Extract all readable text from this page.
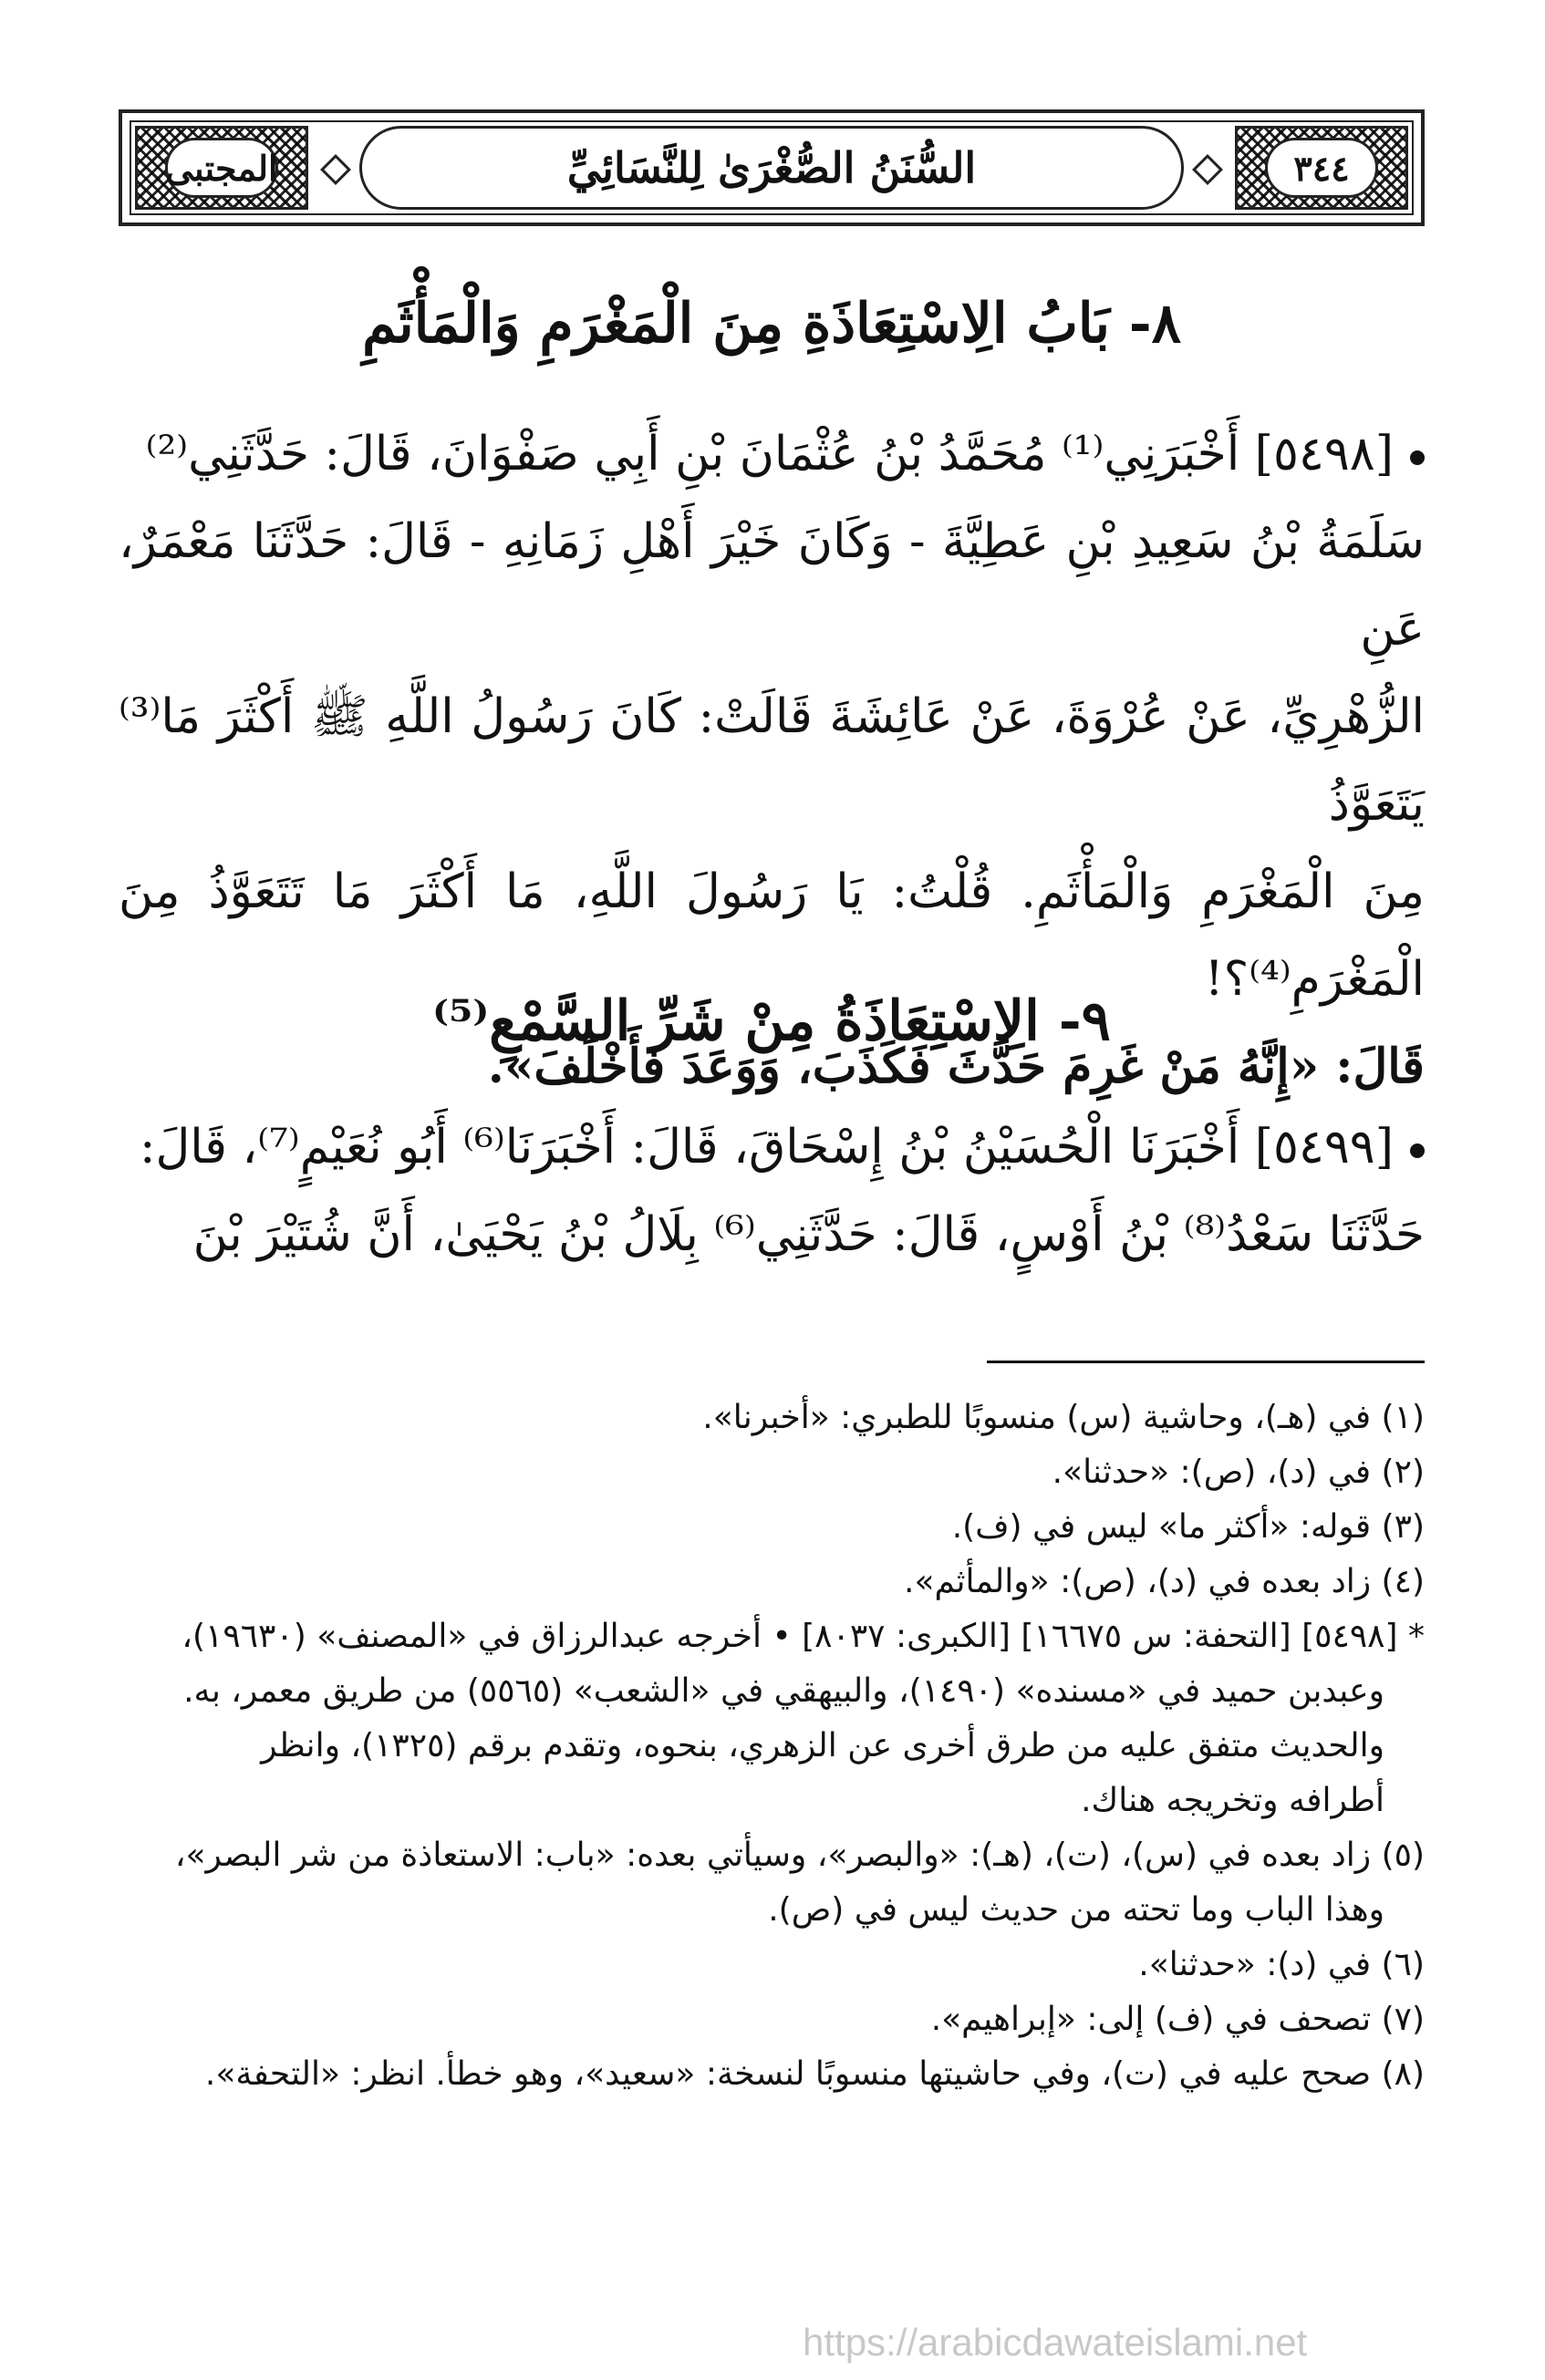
المجتبى	السُّنَنُ الصُّغْرَىٰ لِلنَّسَائِيِّ	٣٤٤
٨- بَابُ الِاسْتِعَاذَةِ مِنَ الْمَغْرَمِ وَالْمَأْثَمِ
[٥٤٩٨] أَخْبَرَنِي⁽¹⁾ مُحَمَّدُ بْنُ عُثْمَانَ بْنِ أَبِي صَفْوَانَ، قَالَ: حَدَّثَنِي⁽²⁾
سَلَمَةُ بْنُ سَعِيدِ بْنِ عَطِيَّةَ - وَكَانَ خَيْرَ أَهْلِ زَمَانِهِ - قَالَ: حَدَّثَنَا مَعْمَرٌ، عَنِ
الزُّهْرِيِّ، عَنْ عُرْوَةَ، عَنْ عَائِشَةَ قَالَتْ: كَانَ رَسُولُ اللَّهِ ﷺ أَكْثَرَ مَا⁽³⁾ يَتَعَوَّذُ
مِنَ الْمَغْرَمِ وَالْمَأْثَمِ. قُلْتُ: يَا رَسُولَ اللَّهِ، مَا أَكْثَرَ مَا تَتَعَوَّذُ مِنَ الْمَغْرَمِ⁽⁴⁾؟!
قَالَ: «إِنَّهُ مَنْ غَرِمَ حَدَّثَ فَكَذَبَ، وَوَعَدَ فَأَخْلَفَ».
٩- الِاسْتِعَاذَةُ مِنْ شَرِّ السَّمْعِ⁽⁵⁾
[٥٤٩٩] أَخْبَرَنَا الْحُسَيْنُ بْنُ إِسْحَاقَ، قَالَ: أَخْبَرَنَا⁽⁶⁾ أَبُو نُعَيْمٍ⁽⁷⁾، قَالَ:
حَدَّثَنَا سَعْدُ⁽⁸⁾ بْنُ أَوْسٍ، قَالَ: حَدَّثَنِي⁽⁶⁾ بِلَالُ بْنُ يَحْيَىٰ، أَنَّ شُتَيْرَ بْنَ
(١) في (هـ)، وحاشية (س) منسوبًا للطبري: «أخبرنا».
(٢) في (د)، (ص): «حدثنا».
(٣) قوله: «أكثر ما» ليس في (ف).
(٤) زاد بعده في (د)، (ص): «والمأثم».
* [٥٤٩٨] [التحفة: س ١٦٦٧٥] [الكبرى: ٨٠٣٧] • أخرجه عبدالرزاق في «المصنف» (١٩٦٣٠)،
وعبدبن حميد في «مسنده» (١٤٩٠)، والبيهقي في «الشعب» (٥٥٦٥) من طريق معمر، به.
والحديث متفق عليه من طرق أخرى عن الزهري، بنحوه، وتقدم برقم (١٣٢٥)، وانظر
أطرافه وتخريجه هناك.
(٥) زاد بعده في (س)، (ت)، (هـ): «والبصر»، وسيأتي بعده: «باب: الاستعاذة من شر البصر»،
وهذا الباب وما تحته من حديث ليس في (ص).
(٦) في (د): «حدثنا».
(٧) تصحف في (ف) إلى: «إبراهيم».
(٨) صحح عليه في (ت)، وفي حاشيتها منسوبًا لنسخة: «سعيد»، وهو خطأ. انظر: «التحفة».
https://arabicdawateislami.net
